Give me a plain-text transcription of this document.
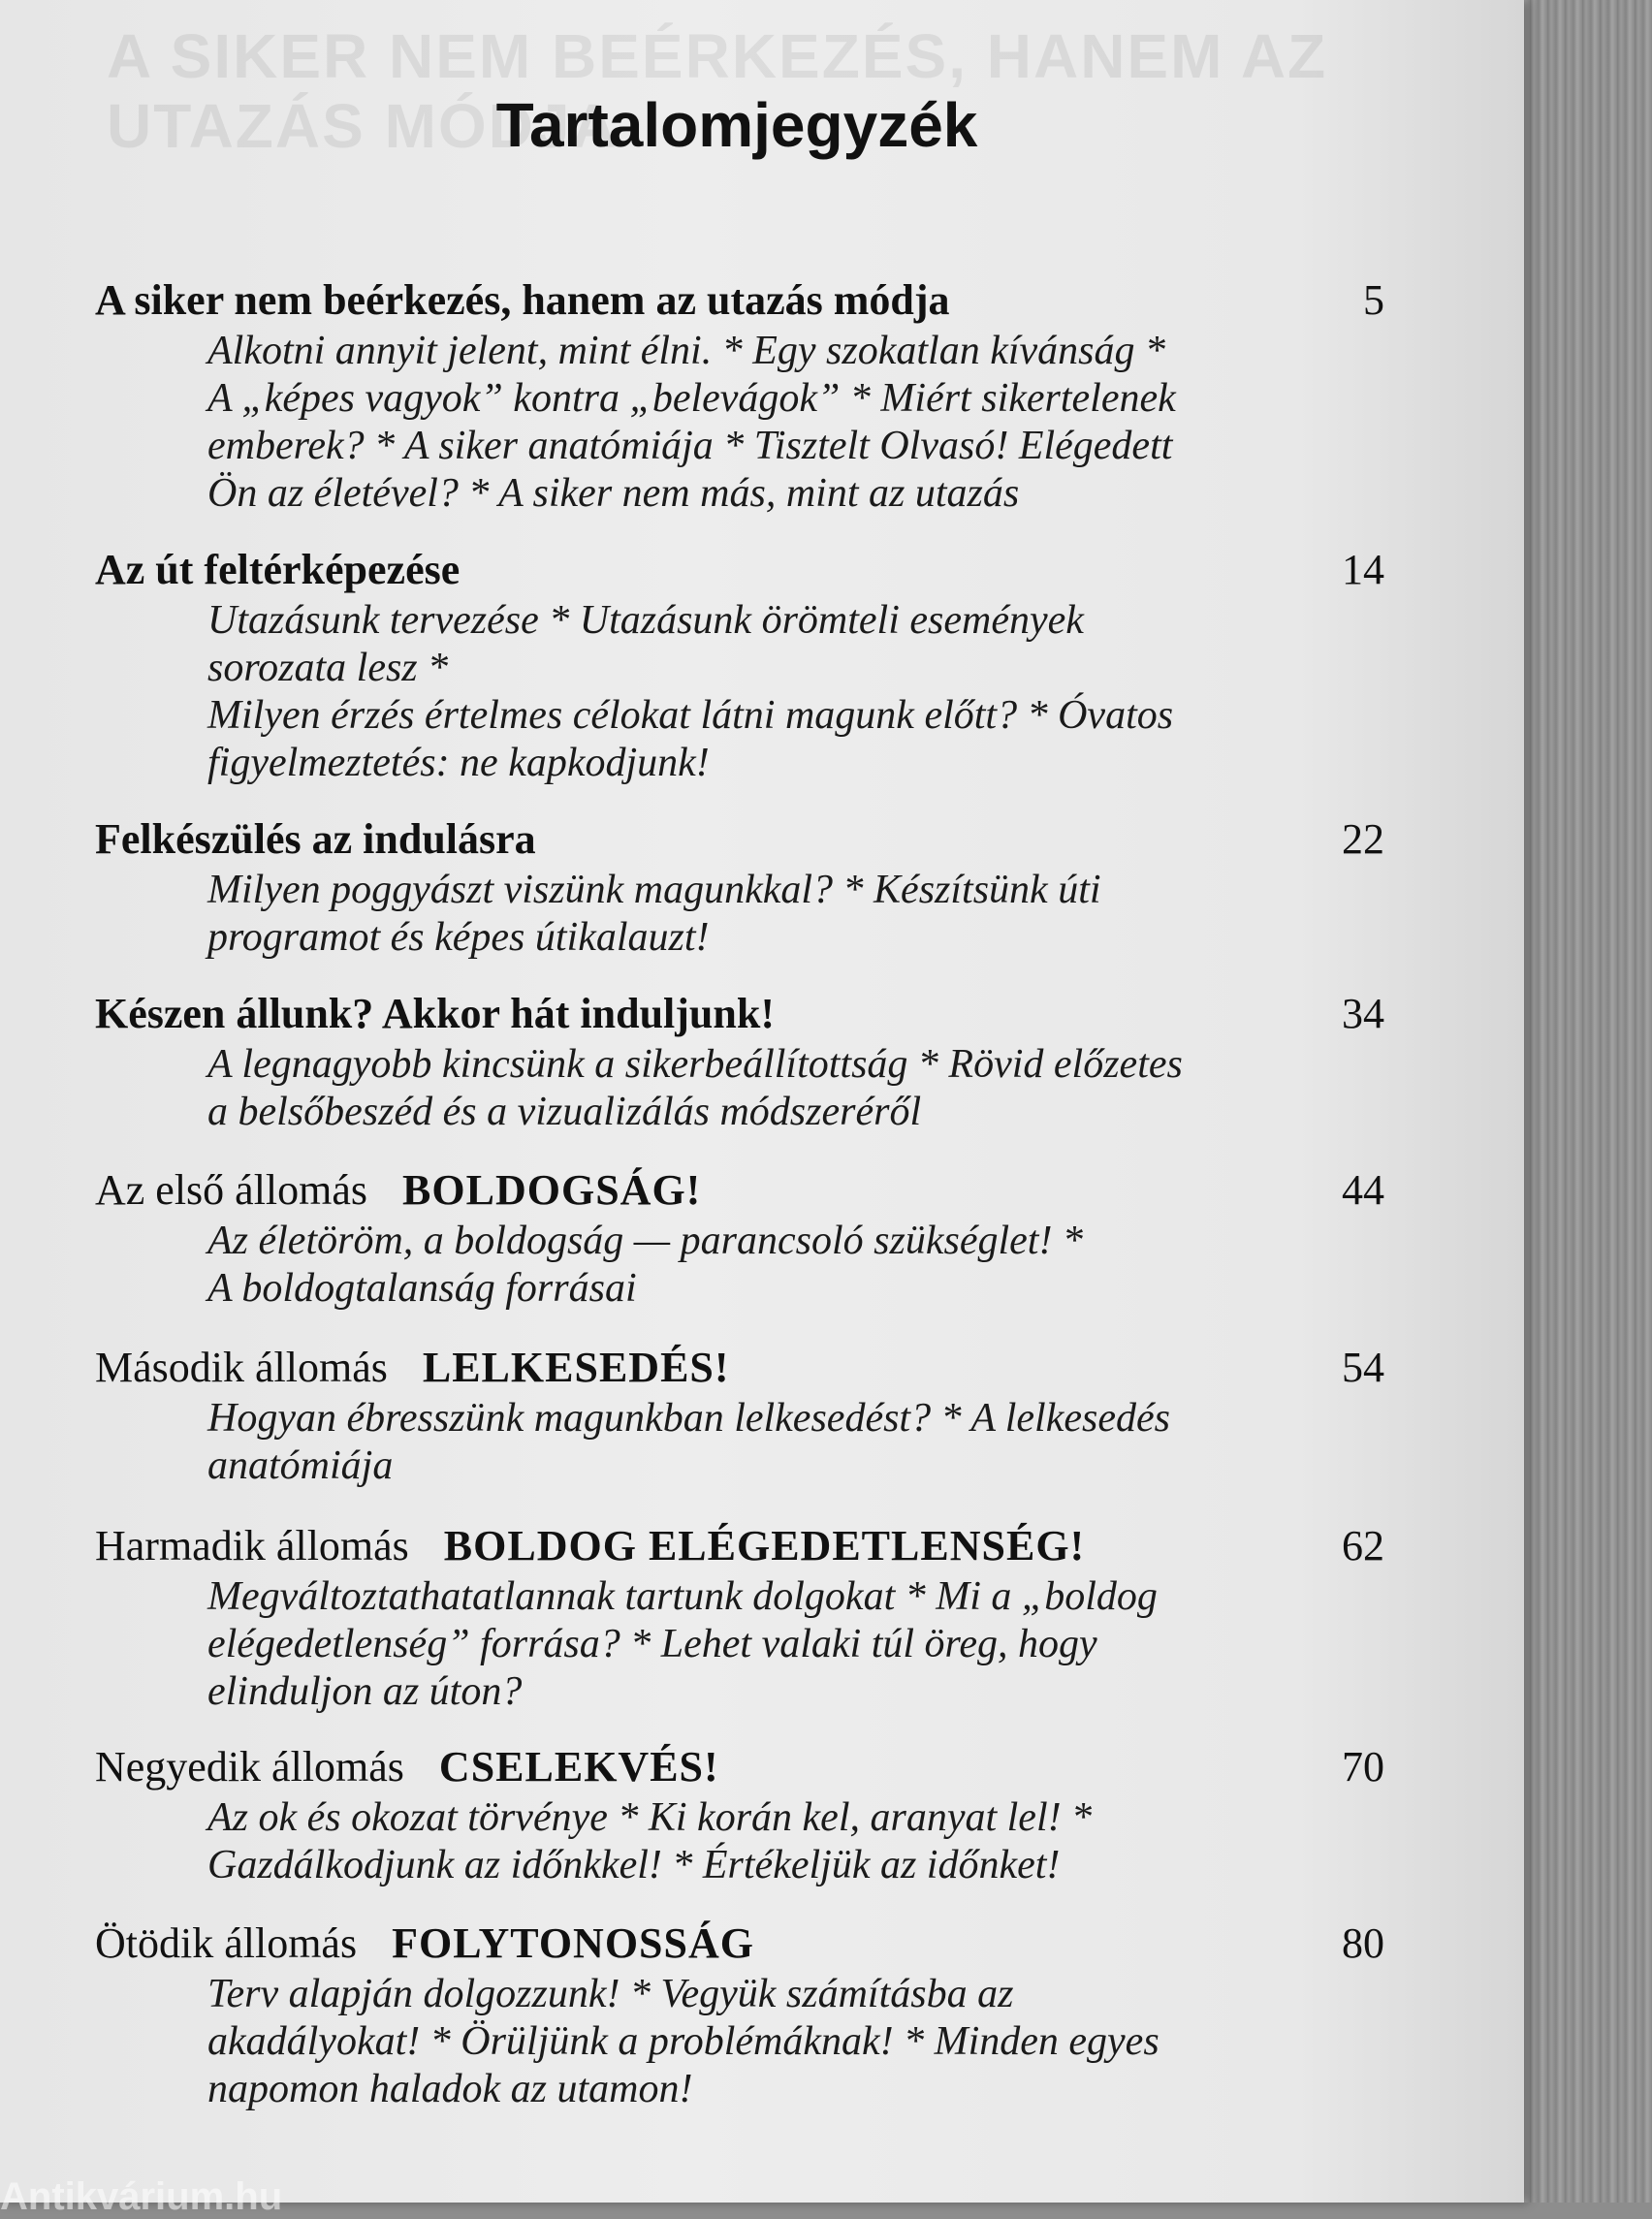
A SIKER NEM BEÉRKEZÉS, HANEM AZ
UTAZÁS MÓDJA
Tartalomjegyzék
A siker nem beérkezés, hanem az utazás módja	5
Alkotni annyit jelent, mint élni. * Egy szokatlan kívánság *
A „képes vagyok” kontra „belevágok” * Miért sikertelenek
emberek? * A siker anatómiája * Tisztelt Olvasó! Elégedett
Ön az életével? * A siker nem más, mint az utazás
Az út feltérképezése	14
Utazásunk tervezése * Utazásunk örömteli események
sorozata lesz *
Milyen érzés értelmes célokat látni magunk előtt? * Óvatos
figyelmeztetés: ne kapkodjunk!
Felkészülés az indulásra	22
Milyen poggyászt viszünk magunkkal? * Készítsünk úti
programot és képes útikalauzt!
Készen állunk? Akkor hát induljunk!	34
A legnagyobb kincsünk a sikerbeállítottság * Rövid előzetes
a belsőbeszéd és a vizualizálás módszeréről
Az első állomás BOLDOGSÁG!	44
Az életöröm, a boldogság — parancsoló szükséglet! *
A boldogtalanság forrásai
Második állomás LELKESEDÉS!	54
Hogyan ébresszünk magunkban lelkesedést? * A lelkesedés
anatómiája
Harmadik állomás BOLDOG ELÉGEDETLENSÉG!	62
Megváltoztathatatlannak tartunk dolgokat * Mi a „boldog
elégedetlenség” forrása? * Lehet valaki túl öreg, hogy
elinduljon az úton?
Negyedik állomás CSELEKVÉS!	70
Az ok és okozat törvénye * Ki korán kel, aranyat lel! *
Gazdálkodjunk az időnkkel! * Értékeljük az időnket!
Ötödik állomás FOLYTONOSSÁG	80
Terv alapján dolgozzunk! * Vegyük számításba az
akadályokat! * Örüljünk a problémáknak! * Minden egyes
napomon haladok az utamon!
Antikvárium.hu
